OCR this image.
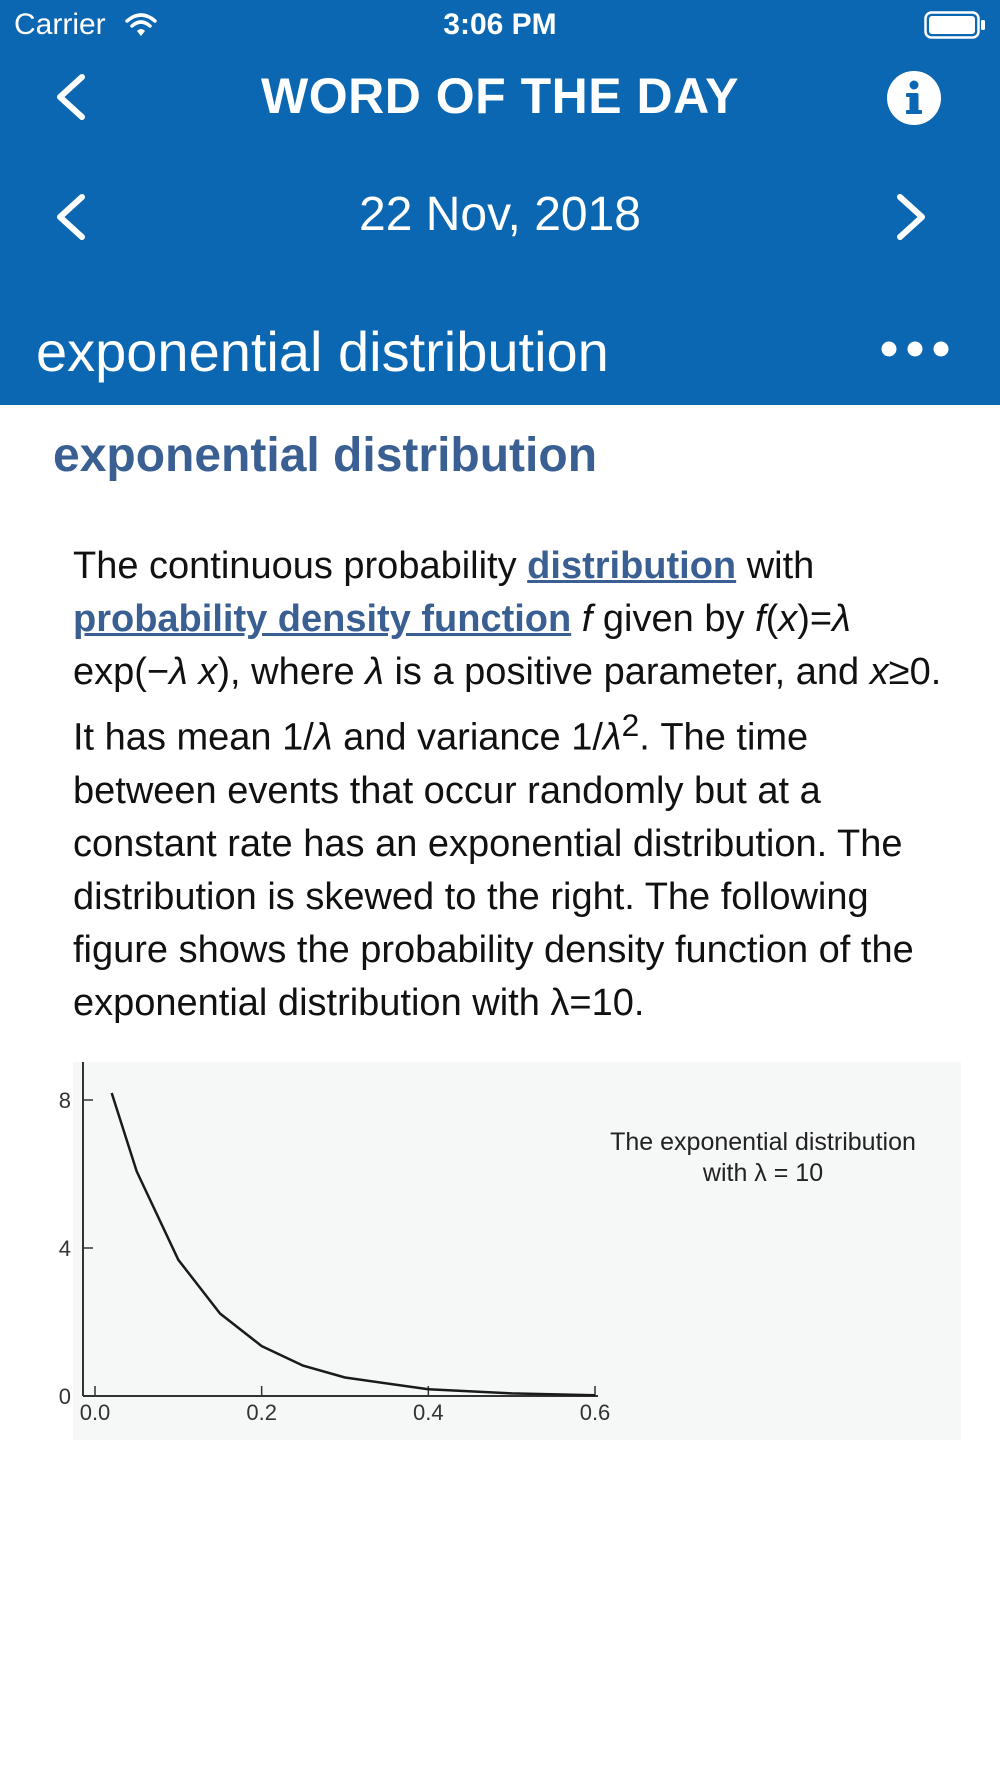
Carrier	3:06 PM
WORD OF THE DAY
22 Nov, 2018
exponential distribution
exponential distribution

The continuous probability distribution with probability density function f given by f(x)=λ exp(−λ x), where λ is a positive parameter, and x≥0. It has mean 1/λ and variance $1/\lambda^2$. The time between events that occur randomly but at a constant rate has an exponential distribution. The distribution is skewed to the right. The following figure shows the probability density function of the exponential distribution with λ=10.

0.0	0.2	0.4	0.6
0
4
8

The exponential distribution
with λ = 10
